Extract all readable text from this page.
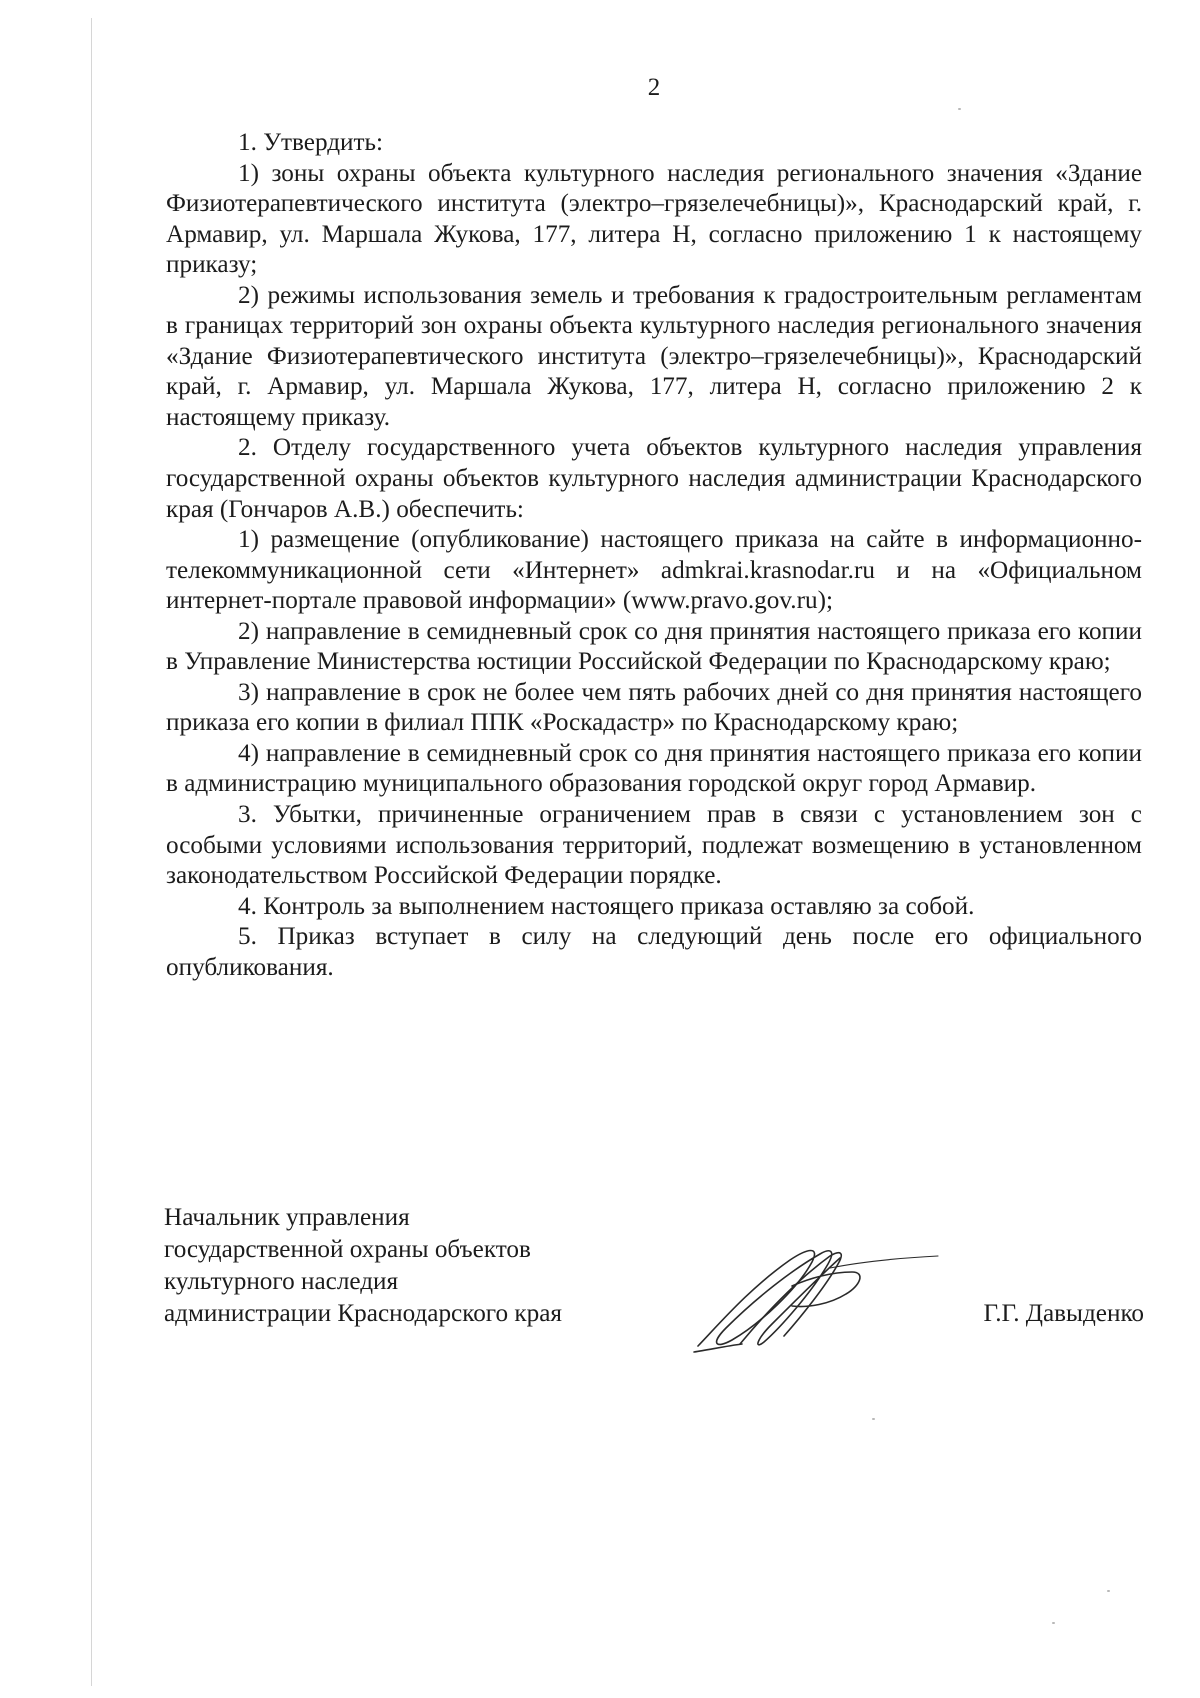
2

1. Утвердить:

1) зоны охраны объекта культурного наследия регионального значения «Здание Физиотерапевтического института (электро–грязелечебницы)», Краснодарский край, г. Армавир, ул. Маршала Жукова, 177, литера Н, согласно приложению 1 к настоящему приказу;

2) режимы использования земель и требования к градостроительным регламентам в границах территорий зон охраны объекта культурного наследия регионального значения «Здание Физиотерапевтического института (электро–грязелечебницы)», Краснодарский край, г. Армавир, ул. Маршала Жукова, 177, литера Н, согласно приложению 2 к настоящему приказу.

2. Отделу государственного учета объектов культурного наследия управления государственной охраны объектов культурного наследия администрации Краснодарского края (Гончаров А.В.) обеспечить:

1) размещение (опубликование) настоящего приказа на сайте в информационно-телекоммуникационной сети «Интернет» admkrai.krasnodar.ru и на «Официальном интернет-портале правовой информации» (www.pravo.gov.ru);

2) направление в семидневный срок со дня принятия настоящего приказа его копии в Управление Министерства юстиции Российской Федерации по Краснодарскому краю;

3) направление в срок не более чем пять рабочих дней со дня принятия настоящего приказа его копии в филиал ППК «Роскадастр» по Краснодарскому краю;

4) направление в семидневный срок со дня принятия настоящего приказа его копии в администрацию муниципального образования городской округ город Армавир.

3. Убытки, причиненные ограничением прав в связи с установлением зон с особыми условиями использования территорий, подлежат возмещению в установленном законодательством Российской Федерации порядке.

4. Контроль за выполнением настоящего приказа оставляю за собой.

5. Приказ вступает в силу на следующий день после его официального опубликования.

Начальник управления
государственной охраны объектов
культурного наследия
администрации Краснодарского края	Г.Г. Давыденко
